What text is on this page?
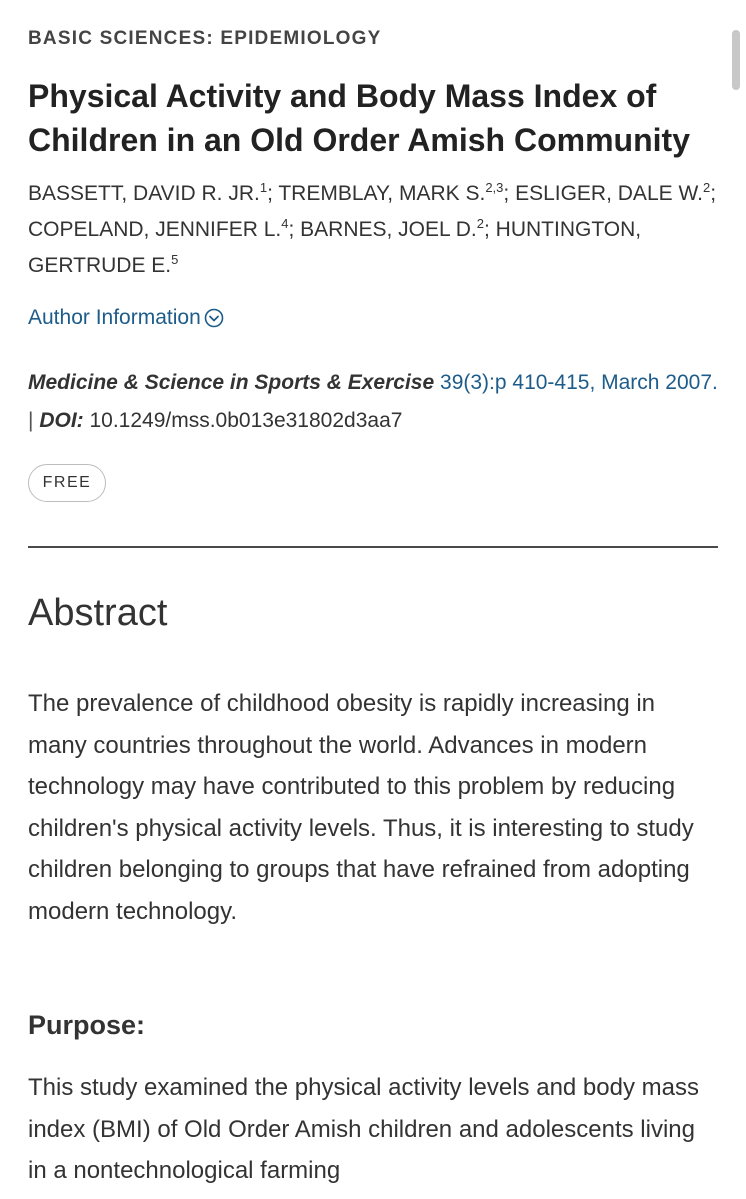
BASIC SCIENCES: EPIDEMIOLOGY
Physical Activity and Body Mass Index of Children in an Old Order Amish Community
BASSETT, DAVID R. JR.$^1$; TREMBLAY, MARK S.$^{2,3}$; ESLIGER, DALE W.$^2$; COPELAND, JENNIFER L.$^4$; BARNES, JOEL D.$^2$; HUNTINGTON, GERTRUDE E.$^5$
Author Information
Medicine & Science in Sports & Exercise 39(3):p 410-415, March 2007. | DOI: 10.1249/mss.0b013e31802d3aa7
FREE
Abstract

The prevalence of childhood obesity is rapidly increasing in many countries throughout the world. Advances in modern technology may have contributed to this problem by reducing children's physical activity levels. Thus, it is interesting to study children belonging to groups that have refrained from adopting modern technology.

Purpose:

This study examined the physical activity levels and body mass index (BMI) of Old Order Amish children and adolescents living in a nontechnological farming
